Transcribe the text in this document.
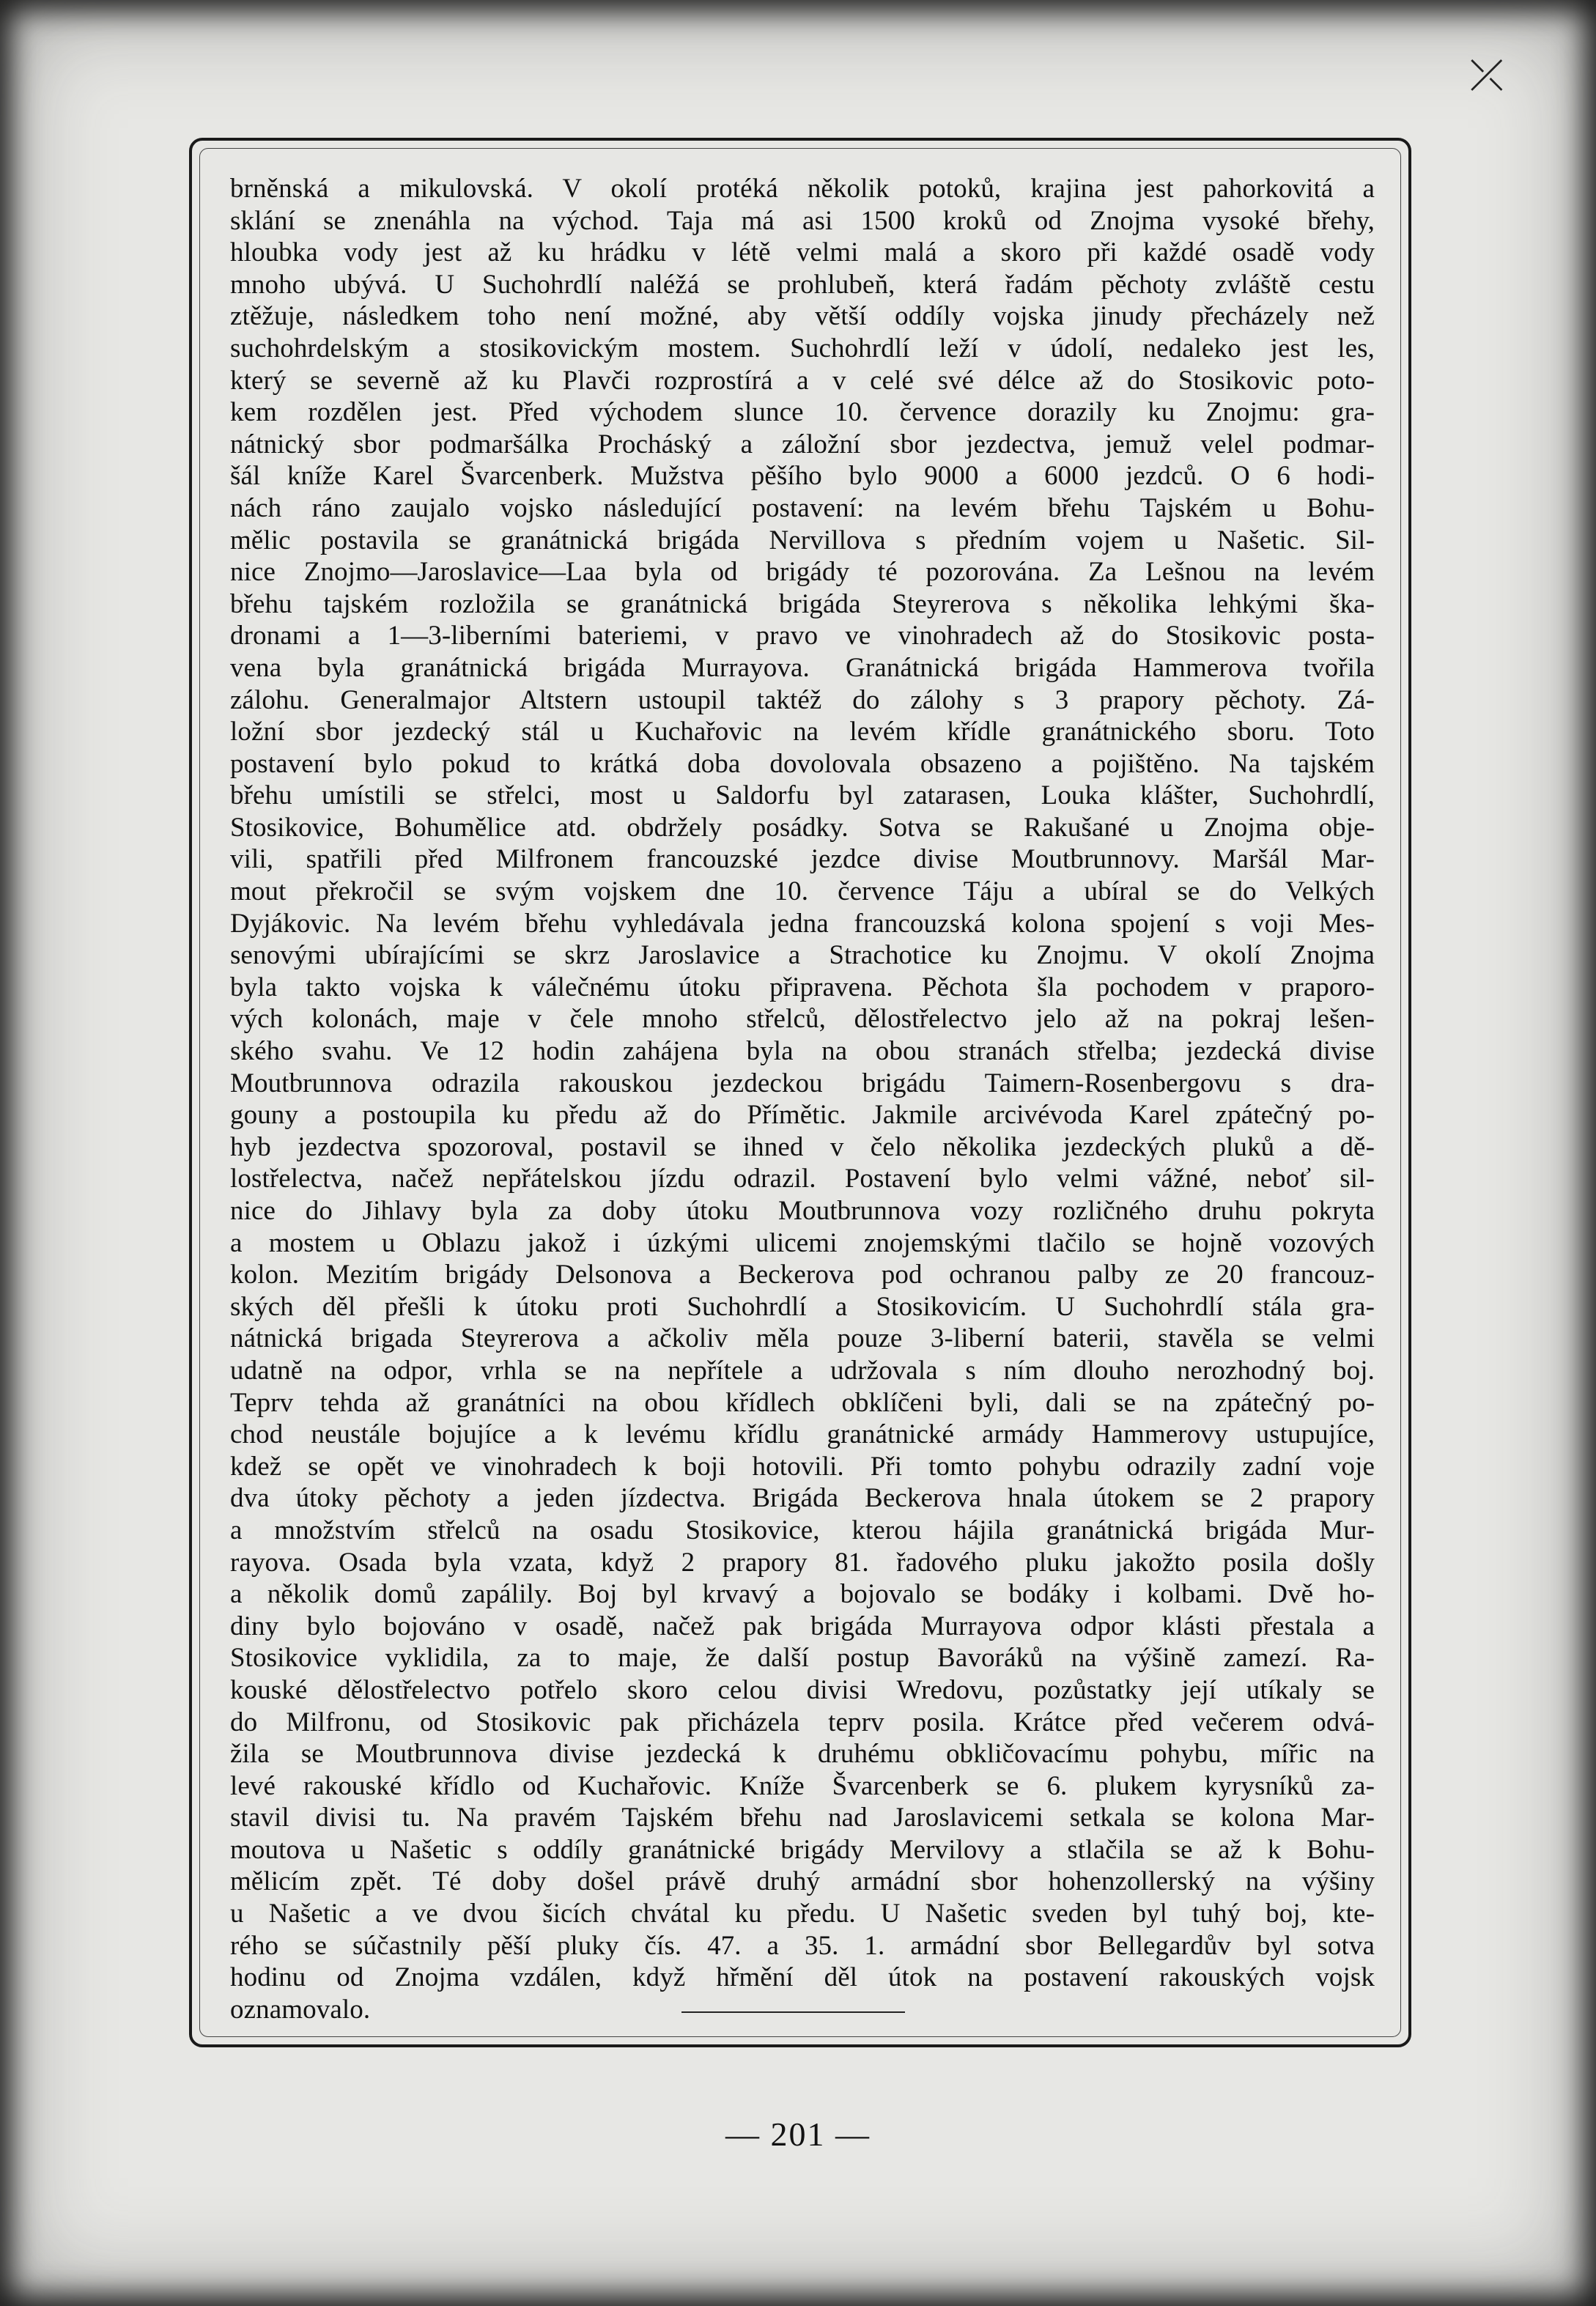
⤫
brněnská a mikulovská. V okolí protéká několik potoků, krajina jest pahorkovitá a
sklání se znenáhla na východ. Taja má asi 1500 kroků od Znojma vysoké břehy,
hloubka vody jest až ku hrádku v létě velmi malá a skoro při každé osadě vody
mnoho ubývá. U Suchohrdlí naléžá se prohlubeň, která řadám pěchoty zvláště cestu
ztěžuje, následkem toho není možné, aby větší oddíly vojska jinudy přecházely než
suchohrdelským a stosikovickým mostem. Suchohrdlí leží v údolí, nedaleko jest les,
který se severně až ku Plavči rozprostírá a v celé své délce až do Stosikovic poto-
kem rozdělen jest. Před východem slunce 10. července dorazily ku Znojmu: gra-
nátnický sbor podmaršálka Procháský a záložní sbor jezdectva, jemuž velel podmar-
šál kníže Karel Švarcenberk. Mužstva pěšího bylo 9000 a 6000 jezdců. O 6 hodi-
nách ráno zaujalo vojsko následující postavení: na levém břehu Tajském u Bohu-
mělic postavila se granátnická brigáda Nervillova s předním vojem u Našetic. Sil-
nice Znojmo—Jaroslavice—Laa byla od brigády té pozorována. Za Lešnou na levém
břehu tajském rozložila se granátnická brigáda Steyrerova s několika lehkými ška-
dronami a 1—3-liberními bateriemi, v pravo ve vinohradech až do Stosikovic posta-
vena byla granátnická brigáda Murrayova. Granátnická brigáda Hammerova tvořila
zálohu. Generalmajor Altstern ustoupil taktéž do zálohy s 3 prapory pěchoty. Zá-
ložní sbor jezdecký stál u Kuchařovic na levém křídle granátnického sboru. Toto
postavení bylo pokud to krátká doba dovolovala obsazeno a pojištěno. Na tajském
břehu umístili se střelci, most u Saldorfu byl zatarasen, Louka klášter, Suchohrdlí,
Stosikovice, Bohumělice atd. obdržely posádky. Sotva se Rakušané u Znojma obje-
vili, spatřili před Milfronem francouzské jezdce divise Moutbrunnovy. Maršál Mar-
mout překročil se svým vojskem dne 10. července Táju a ubíral se do Velkých
Dyjákovic. Na levém břehu vyhledávala jedna francouzská kolona spojení s voji Mes-
senovými ubírajícími se skrz Jaroslavice a Strachotice ku Znojmu. V okolí Znojma
byla takto vojska k válečnému útoku připravena. Pěchota šla pochodem v praporo-
vých kolonách, maje v čele mnoho střelců, dělostřelectvo jelo až na pokraj lešen-
ského svahu. Ve 12 hodin zahájena byla na obou stranách střelba; jezdecká divise
Moutbrunnova odrazila rakouskou jezdeckou brigádu Taimern-Rosenbergovu s dra-
gouny a postoupila ku předu až do Přímětic. Jakmile arcivévoda Karel zpátečný po-
hyb jezdectva spozoroval, postavil se ihned v čelo několika jezdeckých pluků a dě-
lostřelectva, načež nepřátelskou jízdu odrazil. Postavení bylo velmi vážné, neboť sil-
nice do Jihlavy byla za doby útoku Moutbrunnova vozy rozličného druhu pokryta
a mostem u Oblazu jakož i úzkými ulicemi znojemskými tlačilo se hojně vozových
kolon. Mezitím brigády Delsonova a Beckerova pod ochranou palby ze 20 francouz-
ských děl přešli k útoku proti Suchohrdlí a Stosikovicím. U Suchohrdlí stála gra-
nátnická brigada Steyrerova a ačkoliv měla pouze 3-liberní baterii, stavěla se velmi
udatně na odpor, vrhla se na nepřítele a udržovala s ním dlouho nerozhodný boj.
Teprv tehda až granátníci na obou křídlech obklíčeni byli, dali se na zpátečný po-
chod neustále bojujíce a k levému křídlu granátnické armády Hammerovy ustupujíce,
kdež se opět ve vinohradech k boji hotovili. Při tomto pohybu odrazily zadní voje
dva útoky pěchoty a jeden jízdectva. Brigáda Beckerova hnala útokem se 2 prapory
a množstvím střelců na osadu Stosikovice, kterou hájila granátnická brigáda Mur-
rayova. Osada byla vzata, když 2 prapory 81. řadového pluku jakožto posila došly
a několik domů zapálily. Boj byl krvavý a bojovalo se bodáky i kolbami. Dvě ho-
diny bylo bojováno v osadě, načež pak brigáda Murrayova odpor klásti přestala a
Stosikovice vyklidila, za to maje, že další postup Bavoráků na výšině zamezí. Ra-
kouské dělostřelectvo potřelo skoro celou divisi Wredovu, pozůstatky její utíkaly se
do Milfronu, od Stosikovic pak přicházela teprv posila. Krátce před večerem odvá-
žila se Moutbrunnova divise jezdecká k druhému obkličovacímu pohybu, mířic na
levé rakouské křídlo od Kuchařovic. Kníže Švarcenberk se 6. plukem kyrysníků za-
stavil divisi tu. Na pravém Tajském břehu nad Jaroslavicemi setkala se kolona Mar-
moutova u Našetic s oddíly granátnické brigády Mervilovy a stlačila se až k Bohu-
mělicím zpět. Té doby došel právě druhý armádní sbor hohenzollerský na výšiny
u Našetic a ve dvou šicích chvátal ku předu. U Našetic sveden byl tuhý boj, kte-
rého se súčastnily pěší pluky čís. 47. a 35. 1. armádní sbor Bellegardův byl sotva
hodinu od Znojma vzdálen, když hřmění děl útok na postavení rakouských vojsk
oznamovalo.
— 201 —
